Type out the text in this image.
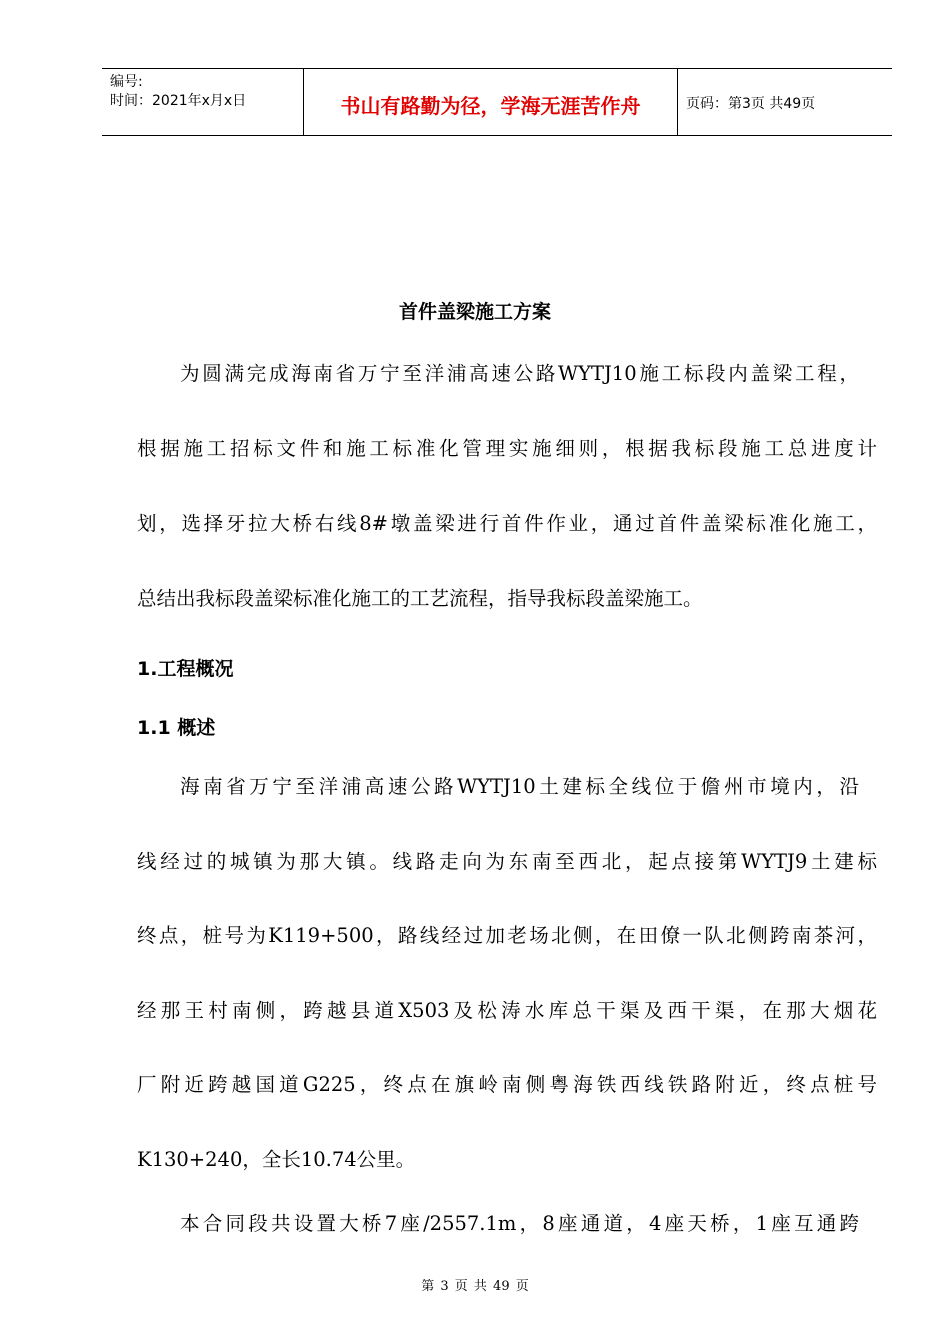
编号:
时间：2021年x月x日	书山有路勤为径，学海无涯苦作舟	页码：第3页 共49页
首件盖梁施工方案
为圆满完成海南省万宁至洋浦高速公路WYTJ10施工标段内盖梁工程，
根据施工招标文件和施工标准化管理实施细则，根据我标段施工总进度计
划，选择牙拉大桥右线8#墩盖梁进行首件作业，通过首件盖梁标准化施工，
总结出我标段盖梁标准化施工的工艺流程，指导我标段盖梁施工。
1.工程概况
1.1 概述
海南省万宁至洋浦高速公路WYTJ10土建标全线位于儋州市境内，沿
线经过的城镇为那大镇。线路走向为东南至西北，起点接第WYTJ9土建标
终点，桩号为K119+500，路线经过加老场北侧，在田僚一队北侧跨南茶河，
经那王村南侧，跨越县道X503及松涛水库总干渠及西干渠，在那大烟花
厂附近跨越国道G225，终点在旗岭南侧粤海铁西线铁路附近，终点桩号
K130+240，全长10.74公里。
本合同段共设置大桥7座/2557.1m，8座通道，4座天桥，1座互通跨
第 3 页 共 49 页
